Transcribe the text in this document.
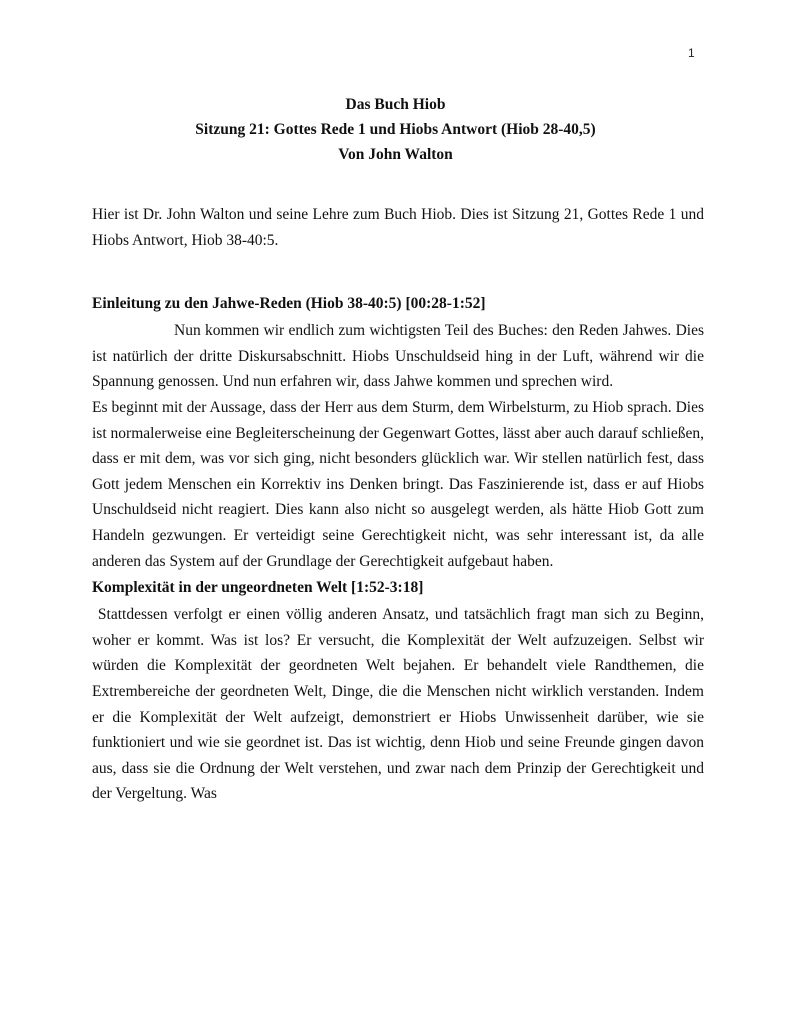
1

Das Buch Hiob

Sitzung 21: Gottes Rede 1 und Hiobs Antwort (Hiob 28-40,5)

Von John Walton

Hier ist Dr. John Walton und seine Lehre zum Buch Hiob. Dies ist Sitzung 21, Gottes Rede 1 und Hiobs Antwort, Hiob 38-40:5.

Einleitung zu den Jahwe-Reden (Hiob 38-40:5) [00:28-1:52]

Nun kommen wir endlich zum wichtigsten Teil des Buches: den Reden Jahwes. Dies ist natürlich der dritte Diskursabschnitt. Hiobs Unschuldseid hing in der Luft, während wir die Spannung genossen. Und nun erfahren wir, dass Jahwe kommen und sprechen wird.

Es beginnt mit der Aussage, dass der Herr aus dem Sturm, dem Wirbelsturm, zu Hiob sprach. Dies ist normalerweise eine Begleiterscheinung der Gegenwart Gottes, lässt aber auch darauf schließen, dass er mit dem, was vor sich ging, nicht besonders glücklich war. Wir stellen natürlich fest, dass Gott jedem Menschen ein Korrektiv ins Denken bringt. Das Faszinierende ist, dass er auf Hiobs Unschuldseid nicht reagiert. Dies kann also nicht so ausgelegt werden, als hätte Hiob Gott zum Handeln gezwungen. Er verteidigt seine Gerechtigkeit nicht, was sehr interessant ist, da alle anderen das System auf der Grundlage der Gerechtigkeit aufgebaut haben.

Komplexität in der ungeordneten Welt [1:52-3:18]

Stattdessen verfolgt er einen völlig anderen Ansatz, und tatsächlich fragt man sich zu Beginn, woher er kommt. Was ist los? Er versucht, die Komplexität der Welt aufzuzeigen. Selbst wir würden die Komplexität der geordneten Welt bejahen. Er behandelt viele Randthemen, die Extrembereiche der geordneten Welt, Dinge, die die Menschen nicht wirklich verstanden. Indem er die Komplexität der Welt aufzeigt, demonstriert er Hiobs Unwissenheit darüber, wie sie funktioniert und wie sie geordnet ist. Das ist wichtig, denn Hiob und seine Freunde gingen davon aus, dass sie die Ordnung der Welt verstehen, und zwar nach dem Prinzip der Gerechtigkeit und der Vergeltung. Was
